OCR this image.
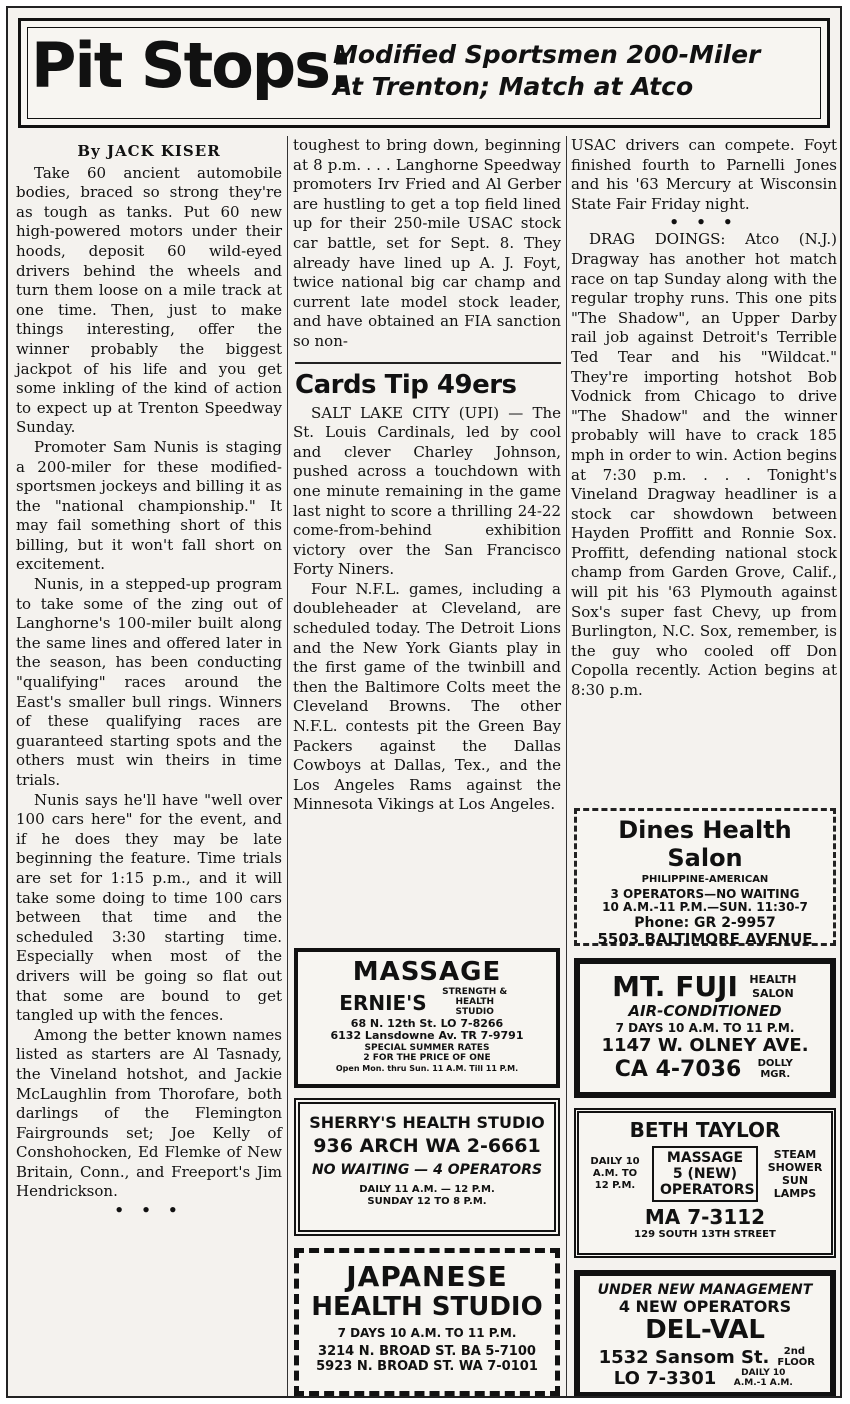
Pit Stops:
Modified Sportsmen 200-Miler
At Trenton; Match at Atco
By JACK KISER

Take 60 ancient automobile bodies, braced so strong they're as tough as tanks. Put 60 new high-powered motors under their hoods, deposit 60 wild-eyed drivers behind the wheels and turn them loose on a mile track at one time. Then, just to make things interesting, offer the winner probably the biggest jackpot of his life and you get some inkling of the kind of action to expect up at Trenton Speedway Sunday.

Promoter Sam Nunis is staging a 200-miler for these modified-sportsmen jockeys and billing it as the "national championship." It may fail something short of this billing, but it won't fall short on excitement.

Nunis, in a stepped-up program to take some of the zing out of Langhorne's 100-miler built along the same lines and offered later in the season, has been conducting "qualifying" races around the East's smaller bull rings. Winners of these qualifying races are guaranteed starting spots and the others must win theirs in time trials.

Nunis says he'll have "well over 100 cars here" for the event, and if he does they may be late beginning the feature. Time trials are set for 1:15 p.m., and it will take some doing to time 100 cars between that time and the scheduled 3:30 starting time. Especially when most of the drivers will be going so flat out that some are bound to get tangled up with the fences.

Among the better known names listed as starters are Al Tasnady, the Vineland hotshot, and Jackie McLaughlin from Thorofare, both darlings of the Flemington Fairgrounds set; Joe Kelly of Conshohocken, Ed Flemke of New Britain, Conn., and Freeport's Jim Hendrickson.

• • •

toughest to bring down, beginning at 8 p.m. . . . Langhorne Speedway promoters Irv Fried and Al Gerber are hustling to get a top field lined up for their 250-mile USAC stock car battle, set for Sept. 8. They already have lined up A. J. Foyt, twice national big car champ and current late model stock leader, and have obtained an FIA sanction so non-

Cards Tip 49ers

SALT LAKE CITY (UPI) — The St. Louis Cardinals, led by cool and clever Charley Johnson, pushed across a touchdown with one minute remaining in the game last night to score a thrilling 24-22 come-from-behind exhibition victory over the San Francisco Forty Niners.

Four N.F.L. games, including a doubleheader at Cleveland, are scheduled today. The Detroit Lions and the New York Giants play in the first game of the twinbill and then the Baltimore Colts meet the Cleveland Browns. The other N.F.L. contests pit the Green Bay Packers against the Dallas Cowboys at Dallas, Tex., and the Los Angeles Rams against the Minnesota Vikings at Los Angeles.

USAC drivers can compete. Foyt finished fourth to Parnelli Jones and his '63 Mercury at Wisconsin State Fair Friday night.

• • •

DRAG DOINGS: Atco (N.J.) Dragway has another hot match race on tap Sunday along with the regular trophy runs. This one pits "The Shadow", an Upper Darby rail job against Detroit's Terrible Ted Tear and his "Wildcat." They're importing hotshot Bob Vodnick from Chicago to drive "The Shadow" and the winner probably will have to crack 185 mph in order to win. Action begins at 7:30 p.m. . . . Tonight's Vineland Dragway headliner is a stock car showdown between Hayden Proffitt and Ronnie Sox. Proffitt, defending national stock champ from Garden Grove, Calif., will pit his '63 Plymouth against Sox's super fast Chevy, up from Burlington, N.C. Sox, remember, is the guy who cooled off Don Copolla recently. Action begins at 8:30 p.m.

Dines Health Salon
PHILIPPINE-AMERICAN
3 OPERATORS—NO WAITING
10 A.M.-11 P.M.—SUN. 11:30-7
Phone: GR 2-9957
5503 BALTIMORE AVENUE
MT. FUJI HEALTH SALON
AIR-CONDITIONED
7 DAYS 10 A.M. TO 11 P.M.
1147 W. OLNEY AVE.
CA 4-7036 DOLLY MGR.
BETH TAYLOR
DAILY 10 A.M. TO 12 P.M.
MASSAGE 5 (NEW) OPERATORS
STEAM SHOWER SUN LAMPS
MA 7-3112
129 SOUTH 13TH STREET
UNDER NEW MANAGEMENT
4 NEW OPERATORS
DEL-VAL
1532 Sansom St.	2nd FLOOR
LO 7-3301	DAILY 10 A.M.-1 A.M.
MASSAGE
ERNIE'S	STRENGTH & HEALTH STUDIO
68 N. 12th St. LO 7-8266
6132 Lansdowne Av. TR 7-9791
SPECIAL SUMMER RATES
2 FOR THE PRICE OF ONE
Open Mon. thru Sun. 11 A.M. Till 11 P.M.
SHERRY'S HEALTH STUDIO
936 ARCH WA 2-6661
NO WAITING — 4 OPERATORS
DAILY 11 A.M. — 12 P.M.
SUNDAY 12 TO 8 P.M.
JAPANESE
HEALTH STUDIO
7 DAYS 10 A.M. TO 11 P.M.
3214 N. BROAD ST. BA 5-7100
5923 N. BROAD ST. WA 7-0101
